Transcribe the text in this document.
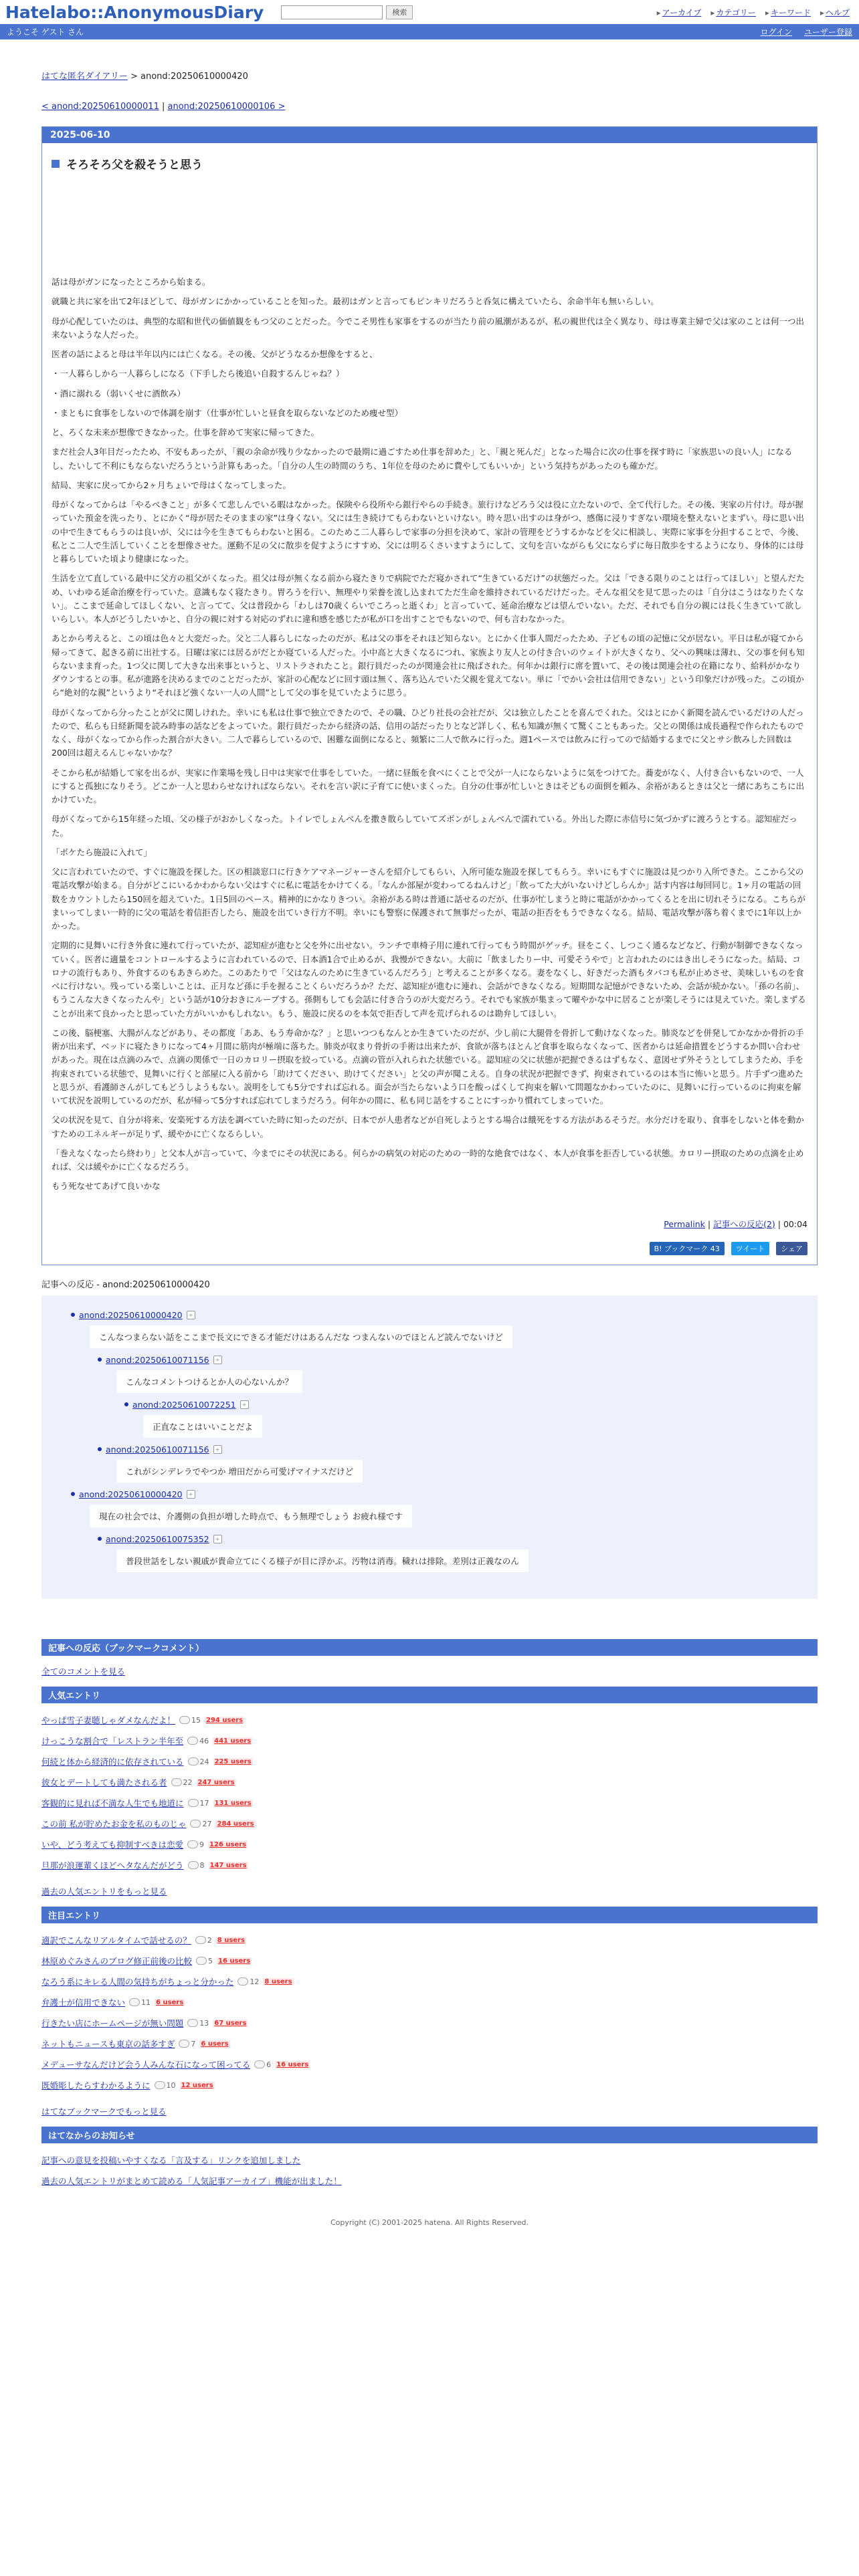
Hatelabo::AnonymousDiary	検索	▸ アーカイブ	▸ カテゴリー	▸ キーワード	▸ ヘルプ
ようこそ ゲスト さん	ログイン ユーザー登録
はてな匿名ダイアリー > anond:20250610000420
< anond:20250610000011 | anond:20250610000106 >
2025-06-10
そろそろ父を殺そうと思う

話は母がガンになったところから始まる。

就職と共に家を出て2年ほどして、母がガンにかかっていることを知った。最初はガンと言ってもピンキリだろうと呑気に構えていたら、余命半年も無いらしい。

母が心配していたのは、典型的な昭和世代の価値観をもつ父のことだった。今でこそ男性も家事をするのが当たり前の風潮があるが、私の親世代は全く異なり、母は専業主婦で父は家のことは何一つ出来ないような人だった。

医者の話によると母は半年以内には亡くなる。その後、父がどうなるか想像をすると、

・一人暮らしから一人暮らしになる（下手したら後追い自殺するんじゃね？）

・酒に溺れる（弱いくせに酒飲み）

・まともに食事をしないので体調を崩す（仕事が忙しいと昼食を取らないなどのため痩せ型）

と、ろくな未来が想像できなかった。仕事を辞めて実家に帰ってきた。

まだ社会人3年目だったため、不安もあったが、「親の余命が残り少なかったので最期に過ごすため仕事を辞めた」と、「親と死んだ」となった場合に次の仕事を探す時に「家族思いの良い人」になるし、たいして不利にもならないだろうという計算もあった。「自分の人生の時間のうち、1年位を母のために費やしてもいいか」という気持ちがあったのも確かだ。

結局、実家に戻ってから2ヶ月ちょいで母はくなってしまった。

母がくなってからは「やるべきこと」が多くて悲しんでいる暇はなかった。保険やら役所やら銀行やらの手続き。旅行けなどろう父は役に立たないので、全て代行した。その後、実家の片付け。母が握っていた預金を洗ったり、とにかく“母が居たそのままの家”は身くない。父には生き続けてもらわないといけない。時々思い出すのは身がつ、感傷に浸りすぎない環境を整えないとまずい。母に思い出の中で生きてもらうのは良いが、父には今を生きてもらわないと困る。このためこ二人暮らしで家事の分担を決めて、家計の管理をどうするかなどを父に相談し、実際に家事を分担することで、今後、私とこ二人で生活していくことを想像させた。運動不足の父に散歩を促すようにすすめ、父には明るくさいますようにして、文句を言いながらも父にならずに毎日散歩をするようになり、身体的には母と暮らしていた頃より健康になった。

生活を立て直している最中に父方の祖父がくなった。祖父は母が無くなる前から寝たきりで病院でただ寝かされて“生きているだけ”の状態だった。父は「できる限りのことは行ってほしい」と望んだため、いわゆる延命治療を行っていた。意識もなく寝たきり。胃ろうを行い、無理やり栄養を流し込まれてただ生命を維持されているだけだった。そんな祖父を見て思ったのは「自分はこうはなりたくない」。ここまで延命してほしくない、と言ってて、父は普段から「わしは70歳くらいでころっと逝くわ」と言っていて、延命治療などは望んでいない。ただ、それでも自分の親には長く生きていて欲しいらしい。本人がどうしたいかと、自分の親に対する対応のずれに違和感を感じたが私が口を出すことでもないので、何も言わなかった。

あとから考えると、この頃は色々と大変だった。父と二人暮らしになったのだが、私は父の事をそれほど知らない。とにかく仕事人間だったため、子どもの頃の記憶に父が居ない。平日は私が寝てから帰ってきて、起きる前に出社する。日曜は家には居るがだとか寝ている人だった。小中高と大きくなるにつれ、家族より友人との付き合いのウェイトが大きくなり、父への興味は薄れ、父の事を何も知らないまま育った。1つ父に関して大きな出来事というと、リストラされたこと。銀行員だったのが関連会社に飛ばされた。何年かは銀行に席を置いて、その後は関連会社の在籍になり、給料がかなりダウンするとの事。私が進路を決めるまでのことだったが、家計の心配などに回す頭は無く、落ち込んでいた父親を覚えてない。単に「でかい会社は信用できない」という印象だけが残った。この頃から“絶対的な親”というより“それほど強くない一人の人間”として父の事を見ていたように思う。

母がくなってから分ったことが父に関しけれた。幸いにも私は仕事で独立できたので、その職、ひどり社長の会社だが、父は独立したことを喜んでくれた。父はとにかく新聞を読んでいるだけの人だったので、私らも日経新聞を読み時事の話などをよっていた。銀行員だったから経済の話、信用の話だったりとなど詳しく、私も知識が無くて驚くこともあった。父との関係は成長過程で作られたものでなく、母がくなってから作った割合が大きい。二人で暮らしているので、困難な面倒になると、頻繁に二人で飲みに行った。週1ペースでは飲みに行ってので結婚するまでに父とサシ飲みした回数は200回は超えるんじゃないかな？

そこから私が結婚して家を出るが、実家に作業場を残し日中は実家で仕事をしていた。一緒に昼飯を食べにくことで父が一人にならないように気をつけてた。蕎麦がなく、人付き合いもないので、一人にすると孤独になりそう。どこか一人と思わらせなければならない。それを言い訳に子育てに使いまくった。自分の仕事が忙しいときはそどもの面倒を頼み、余裕があるときは父と一緒にあちこちに出かけていた。

母がくなってから15年経った頃、父の様子がおかしくなった。トイレでしょんべんを撒き散らしていてズボンがしょんべんで濡れている。外出した際に赤信号に気づかずに渡ろうとする。認知症だった。

「ボケたら施設に入れて」

父に言われていたので、すぐに施設を探した。区の相談窓口に行きケアマネージャーさんを紹介してもらい、入所可能な施設を探してもらう。幸いにもすぐに施設は見つかり入所できた。ここから父の電話攻撃が始まる。自分がどこにいるかわからない父はすぐに私に電話をかけてくる。「なんか部屋が変わってるねんけど」「飲ってた大がいないけどしらんか」話す内容は毎回同じ。1ヶ月の電話の回数をカウントしたら150回を超えていた。1日5回のペース。精神的にかなりきつい。余裕がある時は普通に話せるのだが、仕事が忙しまうと時に電話がかかってくるとを出に切れそうになる。こちらがまいってしまい一時的に父の電話を着信拒否したら、施設を出ていき行方不明。幸いにも警察に保護されて無事だったが、電話の拒否をもうできなくなる。結局、電話攻撃が落ち着くまでに1年以上かかった。

定期的に見舞いに行き外食に連れて行っていたが、認知症が進むと父を外に出せない。ランチで車椅子用に連れて行ってもう時間がゲッチ。昼をこく、しつこく通るなどなど、行動が制御できなくなっていく。医者に適量をコントロールするように言われているので、日本酒1合で止めるが、我慢ができない。大前に「飲ましたりー中、可愛そうやで」と言われたのにはき出しそうになった。結局、コロナの流行もあり、外食するのもあきらめた。このあたりで「父はなんのために生きているんだろう」と考えることが多くなる。妻をなくし、好きだった酒もタバコも私が止めさせ、美味しいものを食べに行けない。残っている楽しいことは、正月など孫に手を握ることくらいだろうか？ただ、認知症が進むに連れ、会話ができなくなる。短期間な記憶ができないため、会話が続かない。「孫の名前」、もうこんな大きくなったんや」という話が10分おきにループする。孫側もしても会話に付き合うのが大変だろう。それでも家族が集まって曜やかな中に居ることが楽しそうには見えていた。楽しまずることが出来て良かったと思っていた方がいいかもしれない。もう、施設に戻るのを本気で拒否して声を荒げられるのは勘弁してほしい。

この後、脳梗塞、大腸がんなどがあり、その都度「ああ、もう寿命かな？」と思いつつもなんとか生きていたのだが、少し前に大腿骨を骨折して動けなくなった。肺炎などを併発してかなかか骨折の手術が出来ず、ベッドに寝たきりになって4ヶ月間に筋肉が極端に落ちた。肺炎が収まり骨折の手術は出来たが、食欲が落ちほとんど食事を取らなくなって、医者からは延命措置をどうするか問い合わせがあった。現在は点滴のみで、点滴の関係で一日のカロリー摂取を絞っている。点滴の管が入れられた状態でいる。認知症の父に状態が把握できるはずもなく、意図せず外そうとしてしまうため、手を拘束されている状態で、見舞いに行くと部屋に入る前から「助けてください、助けてください」と父の声が聞こえる。自身の状況が把握できず、拘束されているのは本当に怖いと思う。片手ずつ進めたと思うが、看護師さんがしてもどうしようもない。説明をしても5分ですれば忘れる。面会が当たらないよう口を酸っぱくして拘束を解いて問題なかわっていたのに、見舞いに行っているのに拘束を解いて状況を説明しているのだが、私が帰って5分すれば忘れてしまうだろう。何年かの間に、私も同じ話をすることにすっかり慣れてしまっていた。

父の状況を見て、自分が将来、安楽死する方法を調べていた時に知ったのだが、日本でが人患者などが自死しようとする場合は餓死をする方法があるそうだ。水分だけを取り、食事をしないと体を動かすための工ネルギーが足りず、緩やかに亡くなるらしい。

「巻えなくなったら終わり」と父本人が言っていて、今までにその状況にある。何らかの病気の対応のための一時的な絶食ではなく、本人が食事を拒否している状態。カロリー摂取のための点滴を止めれば、父は緩やかに亡くなるだろう。

もう死なせてあげて良いかな

Permalink | 記事への反応(2) | 00:04
B! ブックマーク 43	ツイート	シェア
記事への反応 - anond:20250610000420
anond:20250610000420	+
こんなつまらない話をここまで長文にできる才能だけはあるんだな つまんないのでほとんど読んでないけど
anond:20250610071156	+
こんなコメントつけるとか人の心ないんか？
anond:20250610072251	+
正直なことはいいことだよ
anond:20250610071156	+
これがシンデレラでやつか 増田だから可愛げマイナスだけど
anond:20250610000420	+
現在の社会では、介護側の負担が増した時点で、もう無理でしょう お疲れ様です
anond:20250610075352	+
普段世話をしない親戚が貴命立てにくる様子が目に浮かぶ。汚物は消毒。穢れは排除。差別は正義なのん
記事への反応（ブックマークコメント）
全てのコメントを見る
人気エントリ
やっぱ雪子妻聴しゃダメなんだよ！ 15 294 users
けっこうな割合で「レストラン半年至 46 441 users
何続と体から経済的に依存されている 24 225 users
彼女とデートしても満たされる者 22 247 users
客観的に見れば不満な人生でも地道に 17 131 users
この前 私が貯めたお金を私のものじゃ 27 284 users
いや、どう考えても抑制すべきは恋愛 9 126 users
旦那が浪運輩くほどヘタなんだがどう 8 147 users
過去の人気エントリをもっと見る
注目エントリ
適訳でこんなリアルタイムで話せるの？ 2 8 users
林原めぐみさんのブログ修正前後の比較 5 16 users
なろう系にキレる人間の気持ちがちょっと分かった 12 8 users
弁護士が信用できない 11 6 users
行きたい店にホームページが無い問題 13 67 users
ネットもニュースも東京の話多すぎ 7 6 users
メデューサなんだけど会う人みんな石になって困ってる 6 16 users
既婚彫したらすわかるように 10 12 users
はてなブックマークでもっと見る
はてなからのお知らせ
記事への意見を投稿いやすくなる「言及する」リンクを追加しました
過去の人気エントリがまとめて読める「人気記事アーカイブ」機能が出ました！
Copyright (C) 2001-2025 hatena. All Rights Reserved.
